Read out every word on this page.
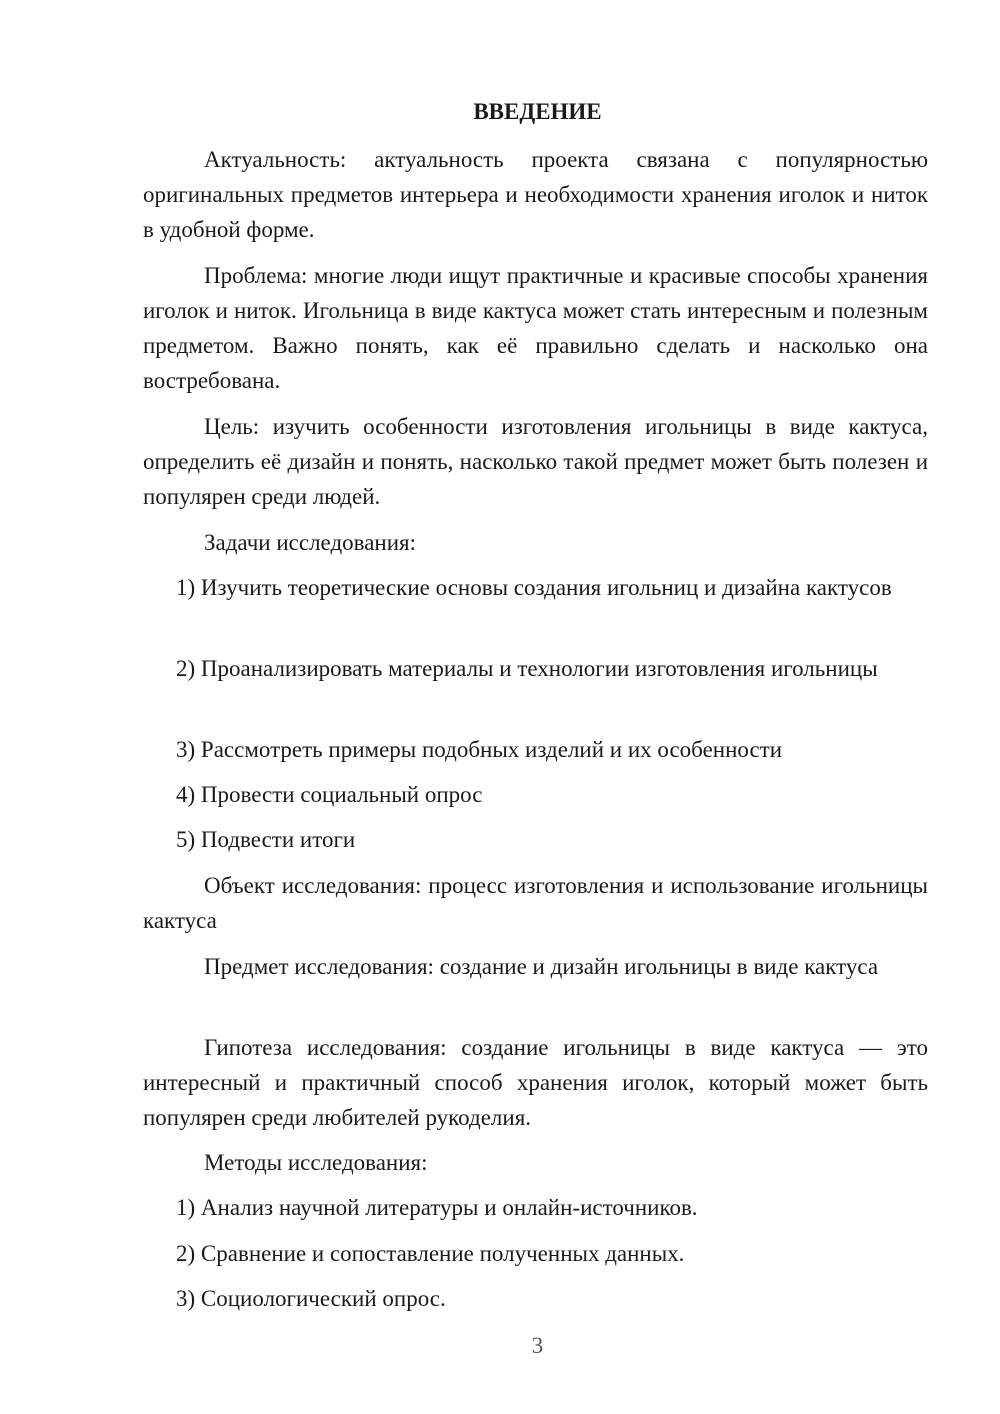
ВВЕДЕНИЕ

Актуальность: актуальность проекта связана с популярностью оригинальных предметов интерьера и необходимости хранения иголок и ниток в удобной форме.

Проблема: многие люди ищут практичные и красивые способы хранения иголок и ниток. Игольница в виде кактуса может стать интересным и полезным предметом. Важно понять, как её правильно сделать и насколько она востребована.

Цель: изучить особенности изготовления игольницы в виде кактуса, определить её дизайн и понять, насколько такой предмет может быть полезен и популярен среди людей.

Задачи исследования:

1) Изучить теоретические основы создания игольниц и дизайна кактусов

2) Проанализировать материалы и технологии изготовления игольницы

3) Рассмотреть примеры подобных изделий и их особенности

4) Провести социальный опрос

5) Подвести итоги

Объект исследования: процесс изготовления и использование игольницы кактуса

Предмет исследования: создание и дизайн игольницы в виде кактуса

Гипотеза исследования: создание игольницы в виде кактуса — это интересный и практичный способ хранения иголок, который может быть популярен среди любителей рукоделия.

Методы исследования:

1) Анализ научной литературы и онлайн-источников.

2) Сравнение и сопоставление полученных данных.

3) Социологический опрос.

3
